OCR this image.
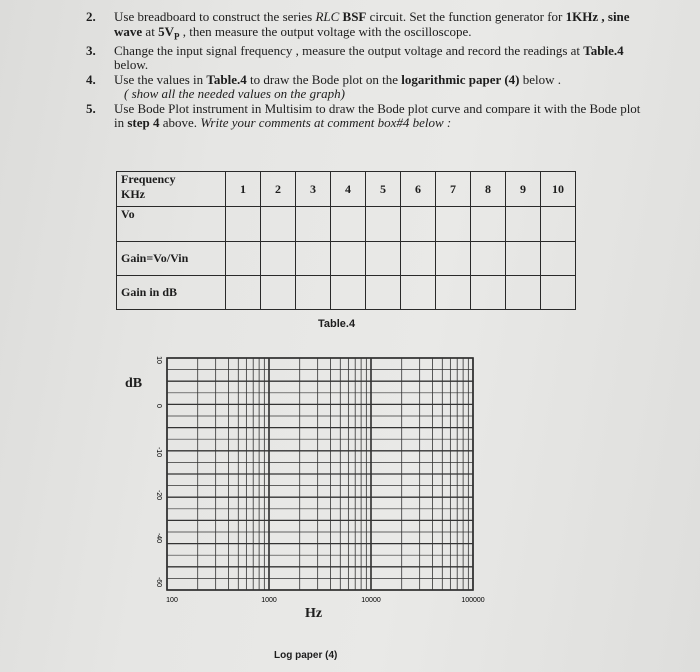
2. Use breadboard to construct the series RLC BSF circuit. Set the function generator for 1KHz , sine wave at $5V_P$ , then measure the output voltage with the oscilloscope.
3. Change the input signal frequency , measure the output voltage and record the readings at Table.4 below.
4. Use the values in Table.4 to draw the Bode plot on the logarithmic paper (4) below .
( show all the needed values on the graph)
5. Use Bode Plot instrument in Multisim to draw the Bode plot curve and compare it with the Bode plot in step 4 above. Write your comments at comment box#4 below :
Frequency
KHz	1	2	3	4	5	6	7	8	9	10
Vo										
Gain=Vo/Vin										
Gain in dB										
Table.4
10
0
-10
-20
-40
-60
100	1000	10000	100000
dB
Hz
Log paper (4)
